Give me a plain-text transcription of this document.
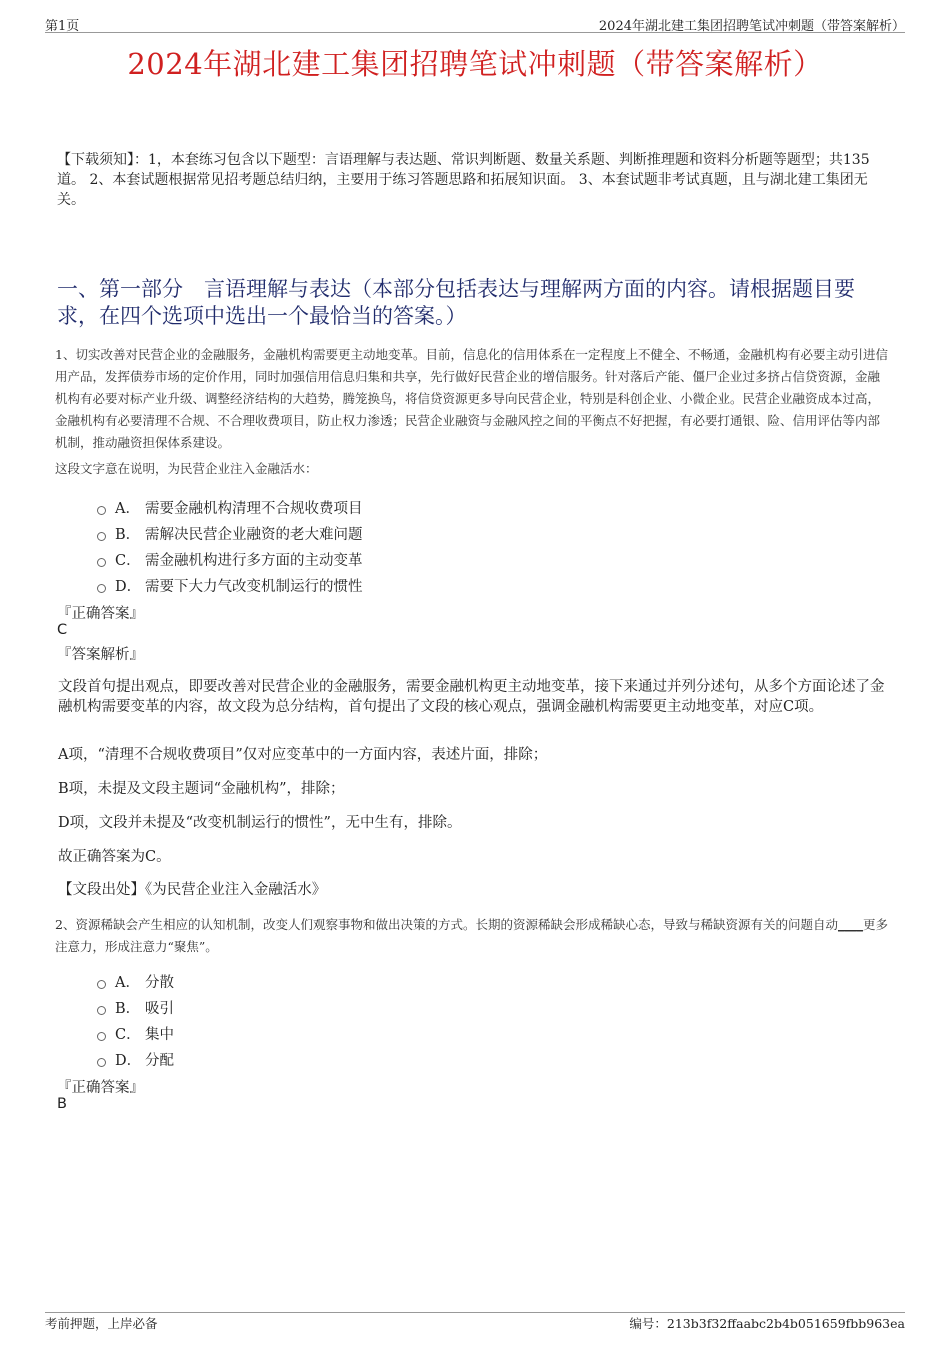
第1页	2024年湖北建工集团招聘笔试冲刺题（带答案解析）
2024年湖北建工集团招聘笔试冲刺题（带答案解析）
【下载须知】：1，本套练习包含以下题型：言语理解与表达题、常识判断题、数量关系题、判断推理题和资料分析题等题型；共135道。 2、本套试题根据常见招考题总结归纳，主要用于练习答题思路和拓展知识面。 3、本套试题非考试真题，且与湖北建工集团无关。
一、第一部分　言语理解与表达（本部分包括表达与理解两方面的内容。请根据题目要求，在四个选项中选出一个最恰当的答案。）
1、切实改善对民营企业的金融服务，金融机构需要更主动地变革。目前，信息化的信用体系在一定程度上不健全、不畅通，金融机构有必要主动引进信用产品，发挥债券市场的定价作用，同时加强信用信息归集和共享，先行做好民营企业的增信服务。针对落后产能、僵尸企业过多挤占信贷资源，金融机构有必要对标产业升级、调整经济结构的大趋势，腾笼换鸟，将信贷资源更多导向民营企业，特别是科创企业、小微企业。民营企业融资成本过高，金融机构有必要清理不合规、不合理收费项目，防止权力渗透；民营企业融资与金融风控之间的平衡点不好把握，有必要打通银、险、信用评估等内部机制，推动融资担保体系建设。
这段文字意在说明，为民营企业注入金融活水：
A． 需要金融机构清理不合规收费项目
B． 需解决民营企业融资的老大难问题
C． 需金融机构进行多方面的主动变革
D． 需要下大力气改变机制运行的惯性
『正确答案』
C
『答案解析』
文段首句提出观点，即要改善对民营企业的金融服务，需要金融机构更主动地变革，接下来通过并列分述句，从多个方面论述了金融机构需要变革的内容，故文段为总分结构，首句提出了文段的核心观点，强调金融机构需要更主动地变革，对应C项。
A项，“清理不合规收费项目”仅对应变革中的一方面内容，表述片面，排除；
B项，未提及文段主题词“金融机构”，排除；
D项，文段并未提及“改变机制运行的惯性”，无中生有，排除。
故正确答案为C。
【文段出处】《为民营企业注入金融活水》
2、资源稀缺会产生相应的认知机制，改变人们观察事物和做出决策的方式。长期的资源稀缺会形成稀缺心态，导致与稀缺资源有关的问题自动____更多注意力，形成注意力“聚焦”。
A． 分散
B． 吸引
C． 集中
D． 分配
『正确答案』
B
考前押题，上岸必备	编号：213b3f32ffaabc2b4b051659fbb963ea
